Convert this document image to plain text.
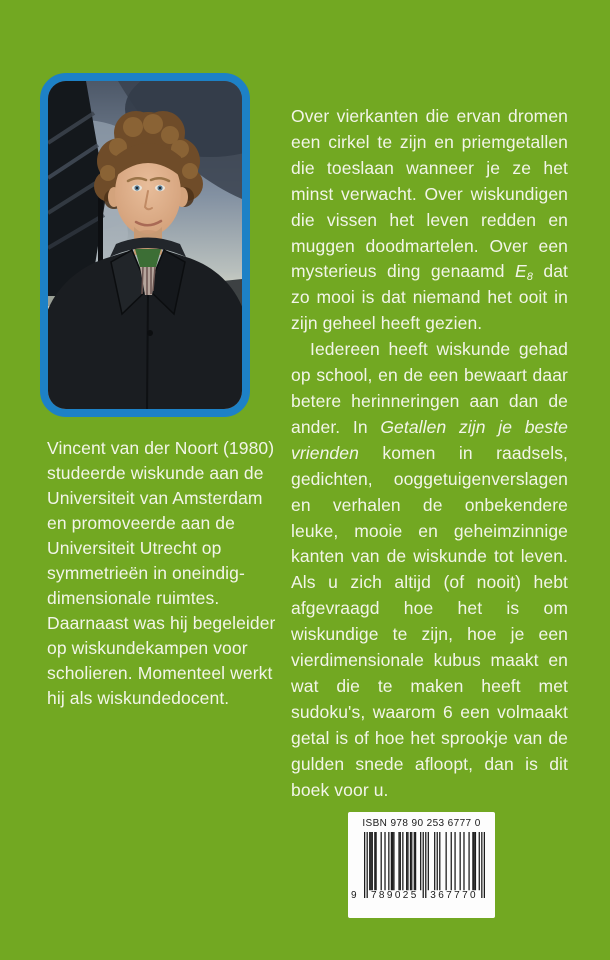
Vincent van der Noort (1980) studeerde wiskunde aan de Universiteit van Amsterdam en promoveerde aan de Universiteit Utrecht op symmetrieën in oneindig-dimensionale ruimtes. Daarnaast was hij begeleider op wiskundekampen voor scholieren. Momenteel werkt hij als wiskundedocent.

Over vierkanten die ervan dromen een cirkel te zijn en priemgetallen die toeslaan wanneer je ze het minst verwacht. Over wiskundigen die vissen het leven redden en muggen doodmartelen. Over een mysterieus ding genaamd $E_8$ dat zo mooi is dat niemand het ooit in zijn geheel heeft gezien.

Iedereen heeft wiskunde gehad op school, en de een bewaart daar betere herinneringen aan dan de ander. In Getallen zijn je beste vrienden komen in raadsels, gedichten, ooggetuigenverslagen en verhalen de onbekendere leuke, mooie en geheimzinnige kanten van de wiskunde tot leven. Als u zich altijd (of nooit) hebt afgevraagd hoe het is om wiskundige te zijn, hoe je een vierdimensionale kubus maakt en wat die te maken heeft met sudoku's, waarom 6 een volmaakt getal is of hoe het sprookje van de gulden snede afloopt, dan is dit boek voor u.

ISBN 978 90 253 6777 0
9	789025	367770
